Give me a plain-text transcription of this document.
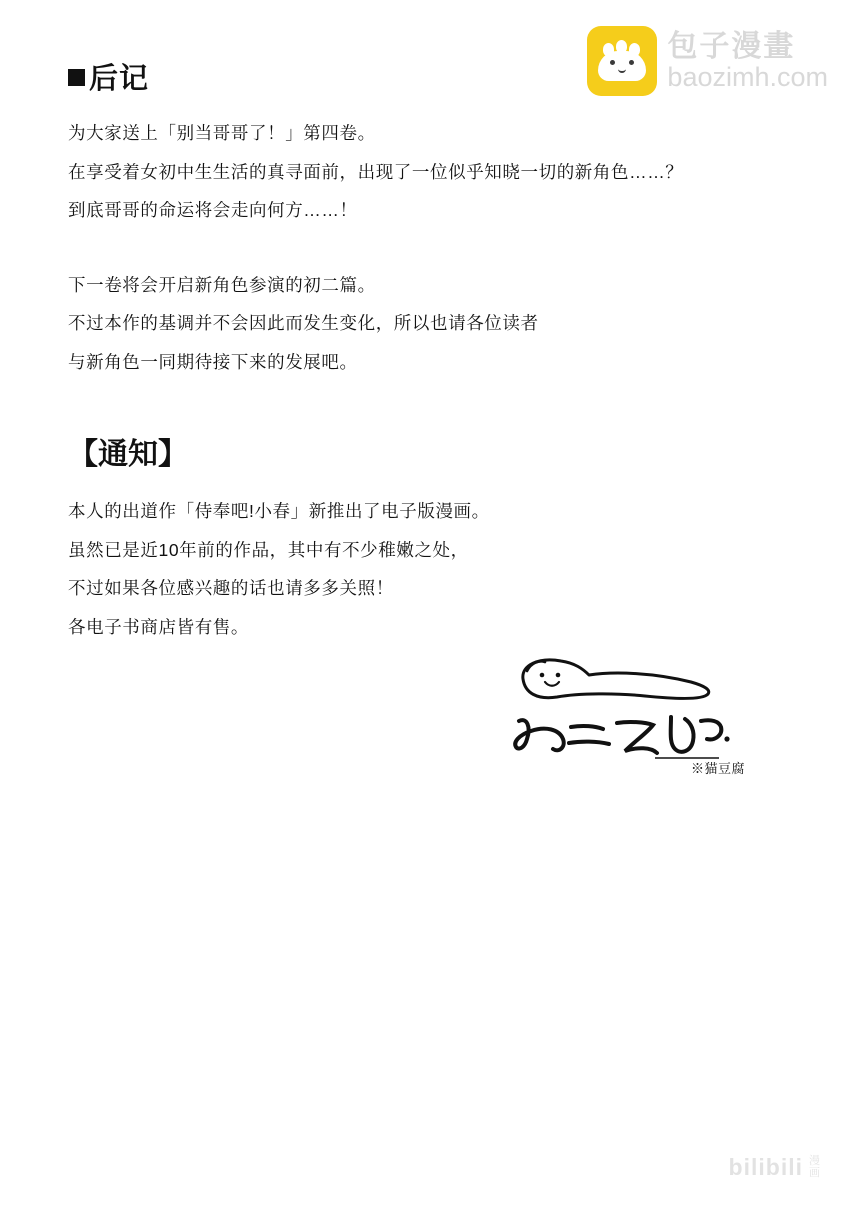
包子漫畫
baozimh.com
后记

为大家送上「别当哥哥了！」第四卷。

在享受着女初中生生活的真寻面前，出现了一位似乎知晓一切的新角色……？

到底哥哥的命运将会走向何方……！

下一卷将会开启新角色参演的初二篇。

不过本作的基调并不会因此而发生变化，所以也请各位读者

与新角色一同期待接下来的发展吧。

【通知】

本人的出道作「侍奉吧!小春」新推出了电子版漫画。

虽然已是近10年前的作品，其中有不少稚嫩之处，

不过如果各位感兴趣的话也请多多关照！

各电子书商店皆有售。

※猫豆腐
bilibili 漫
画
